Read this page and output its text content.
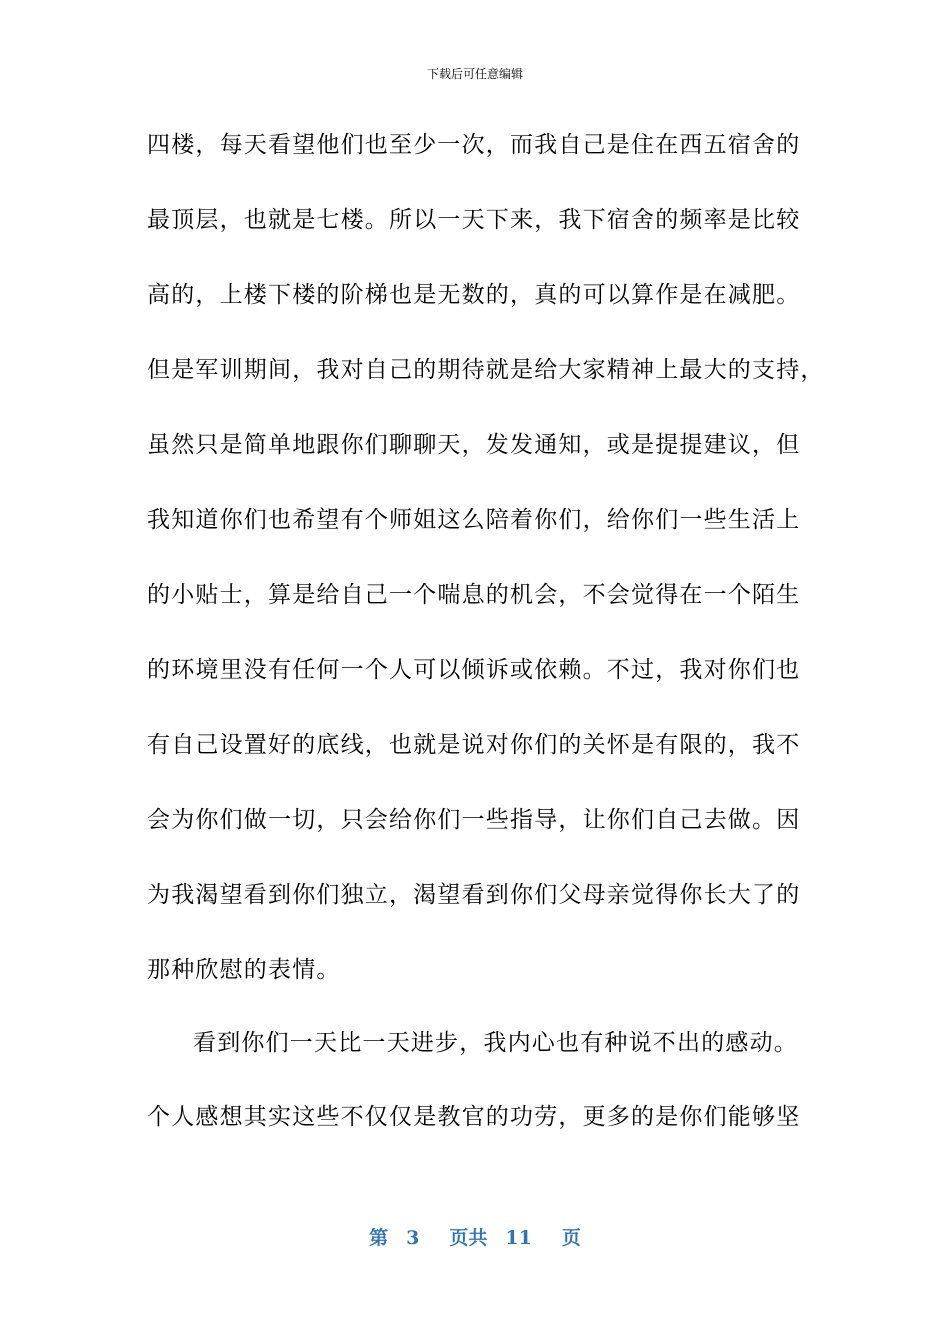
下载后可任意编辑
四楼，每天看望他们也至少一次，而我自己是住在西五宿舍的
最顶层，也就是七楼。所以一天下来，我下宿舍的频率是比较
高的，上楼下楼的阶梯也是无数的，真的可以算作是在减肥。
但是军训期间，我对自己的期待就是给大家精神上最大的支持，
虽然只是简单地跟你们聊聊天，发发通知，或是提提建议，但
我知道你们也希望有个师姐这么陪着你们，给你们一些生活上
的小贴士，算是给自己一个喘息的机会，不会觉得在一个陌生
的环境里没有任何一个人可以倾诉或依赖。不过，我对你们也
有自己设置好的底线，也就是说对你们的关怀是有限的，我不
会为你们做一切，只会给你们一些指导，让你们自己去做。因
为我渴望看到你们独立，渴望看到你们父母亲觉得你长大了的
那种欣慰的表情。
看到你们一天比一天进步，我内心也有种说不出的感动。
个人感想其实这些不仅仅是教官的功劳，更多的是你们能够坚
第 3 页共 11 页
